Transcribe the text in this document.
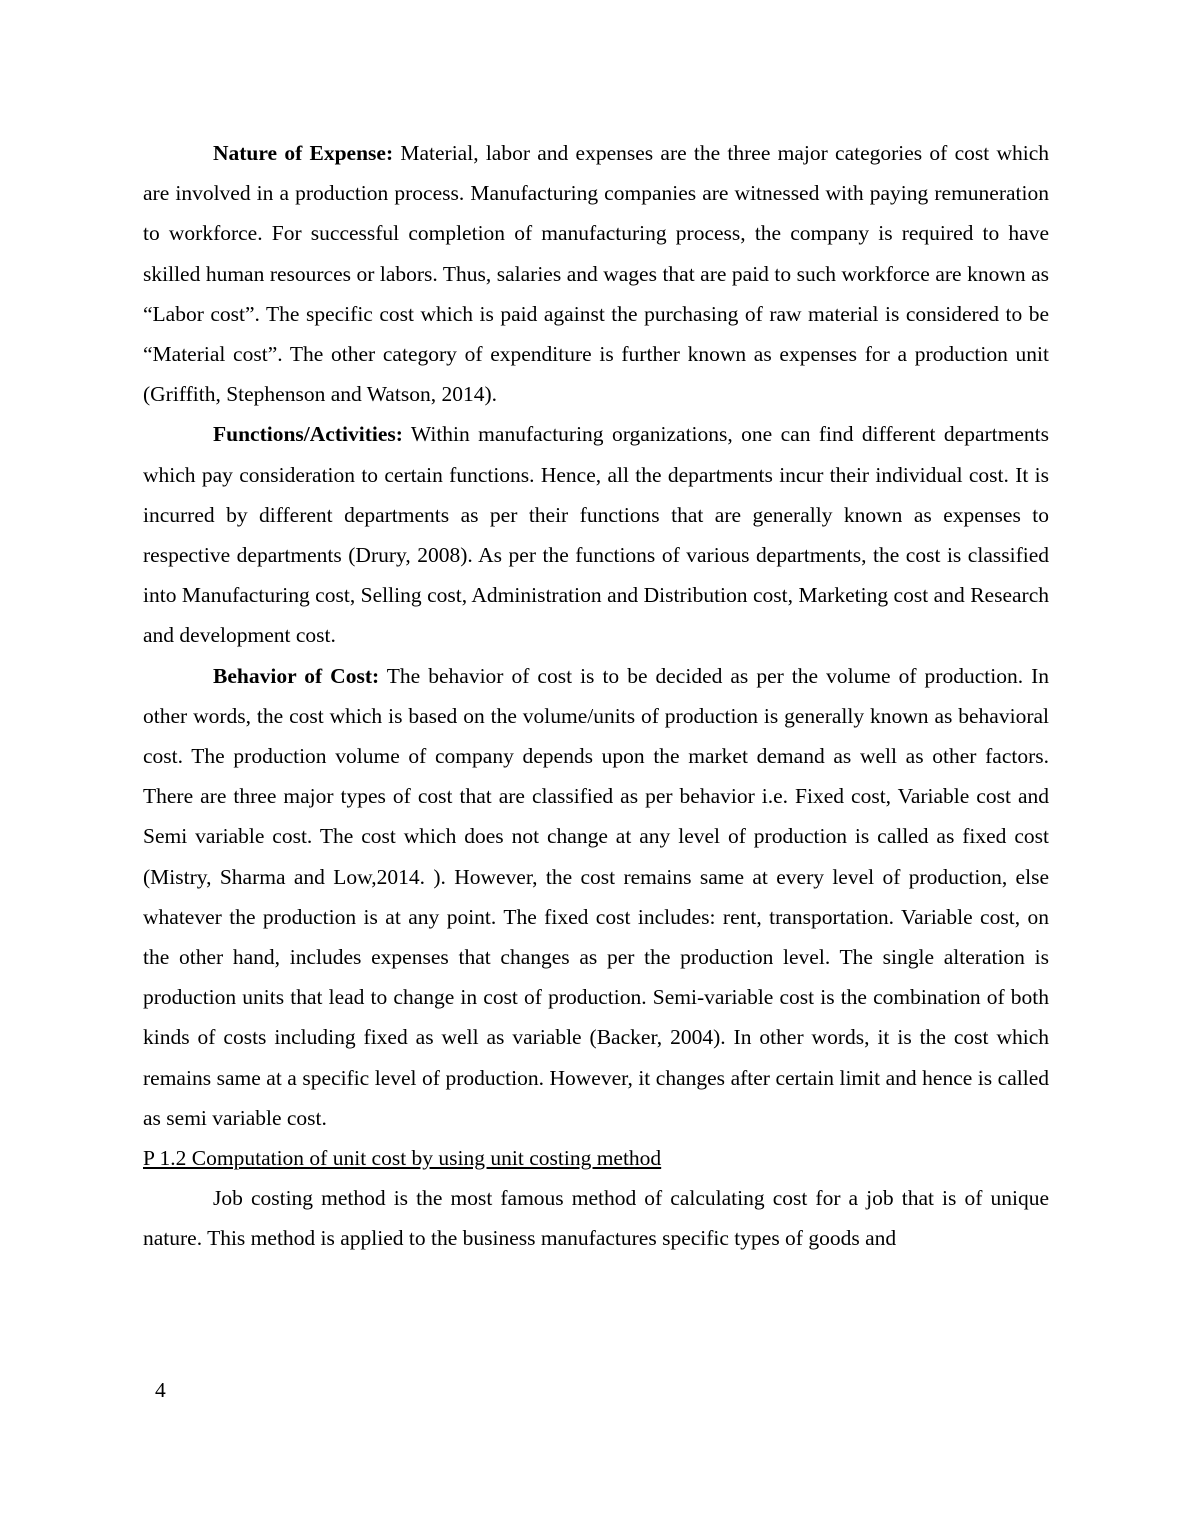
Nature of Expense: Material, labor and expenses are the three major categories of cost which are involved in a production process. Manufacturing companies are witnessed with paying remuneration to workforce. For successful completion of manufacturing process, the company is required to have skilled human resources or labors. Thus, salaries and wages that are paid to such workforce are known as “Labor cost”. The specific cost which is paid against the purchasing of raw material is considered to be “Material cost”. The other category of expenditure is further known as expenses for a production unit (Griffith, Stephenson and Watson, 2014).

Functions/Activities: Within manufacturing organizations, one can find different departments which pay consideration to certain functions. Hence, all the departments incur their individual cost. It is incurred by different departments as per their functions that are generally known as expenses to respective departments (Drury, 2008). As per the functions of various departments, the cost is classified into Manufacturing cost, Selling cost, Administration and Distribution cost, Marketing cost and Research and development cost.

Behavior of Cost: The behavior of cost is to be decided as per the volume of production. In other words, the cost which is based on the volume/units of production is generally known as behavioral cost. The production volume of company depends upon the market demand as well as other factors. There are three major types of cost that are classified as per behavior i.e. Fixed cost, Variable cost and Semi variable cost. The cost which does not change at any level of production is called as fixed cost (Mistry, Sharma and Low,2014. ). However, the cost remains same at every level of production, else whatever the production is at any point. The fixed cost includes: rent, transportation. Variable cost, on the other hand, includes expenses that changes as per the production level. The single alteration is production units that lead to change in cost of production. Semi-variable cost is the combination of both kinds of costs including fixed as well as variable (Backer, 2004). In other words, it is the cost which remains same at a specific level of production. However, it changes after certain limit and hence is called as semi variable cost.

P 1.2 Computation of unit cost by using unit costing method

Job costing method is the most famous method of calculating cost for a job that is of unique nature. This method is applied to the business manufactures specific types of goods and

4
